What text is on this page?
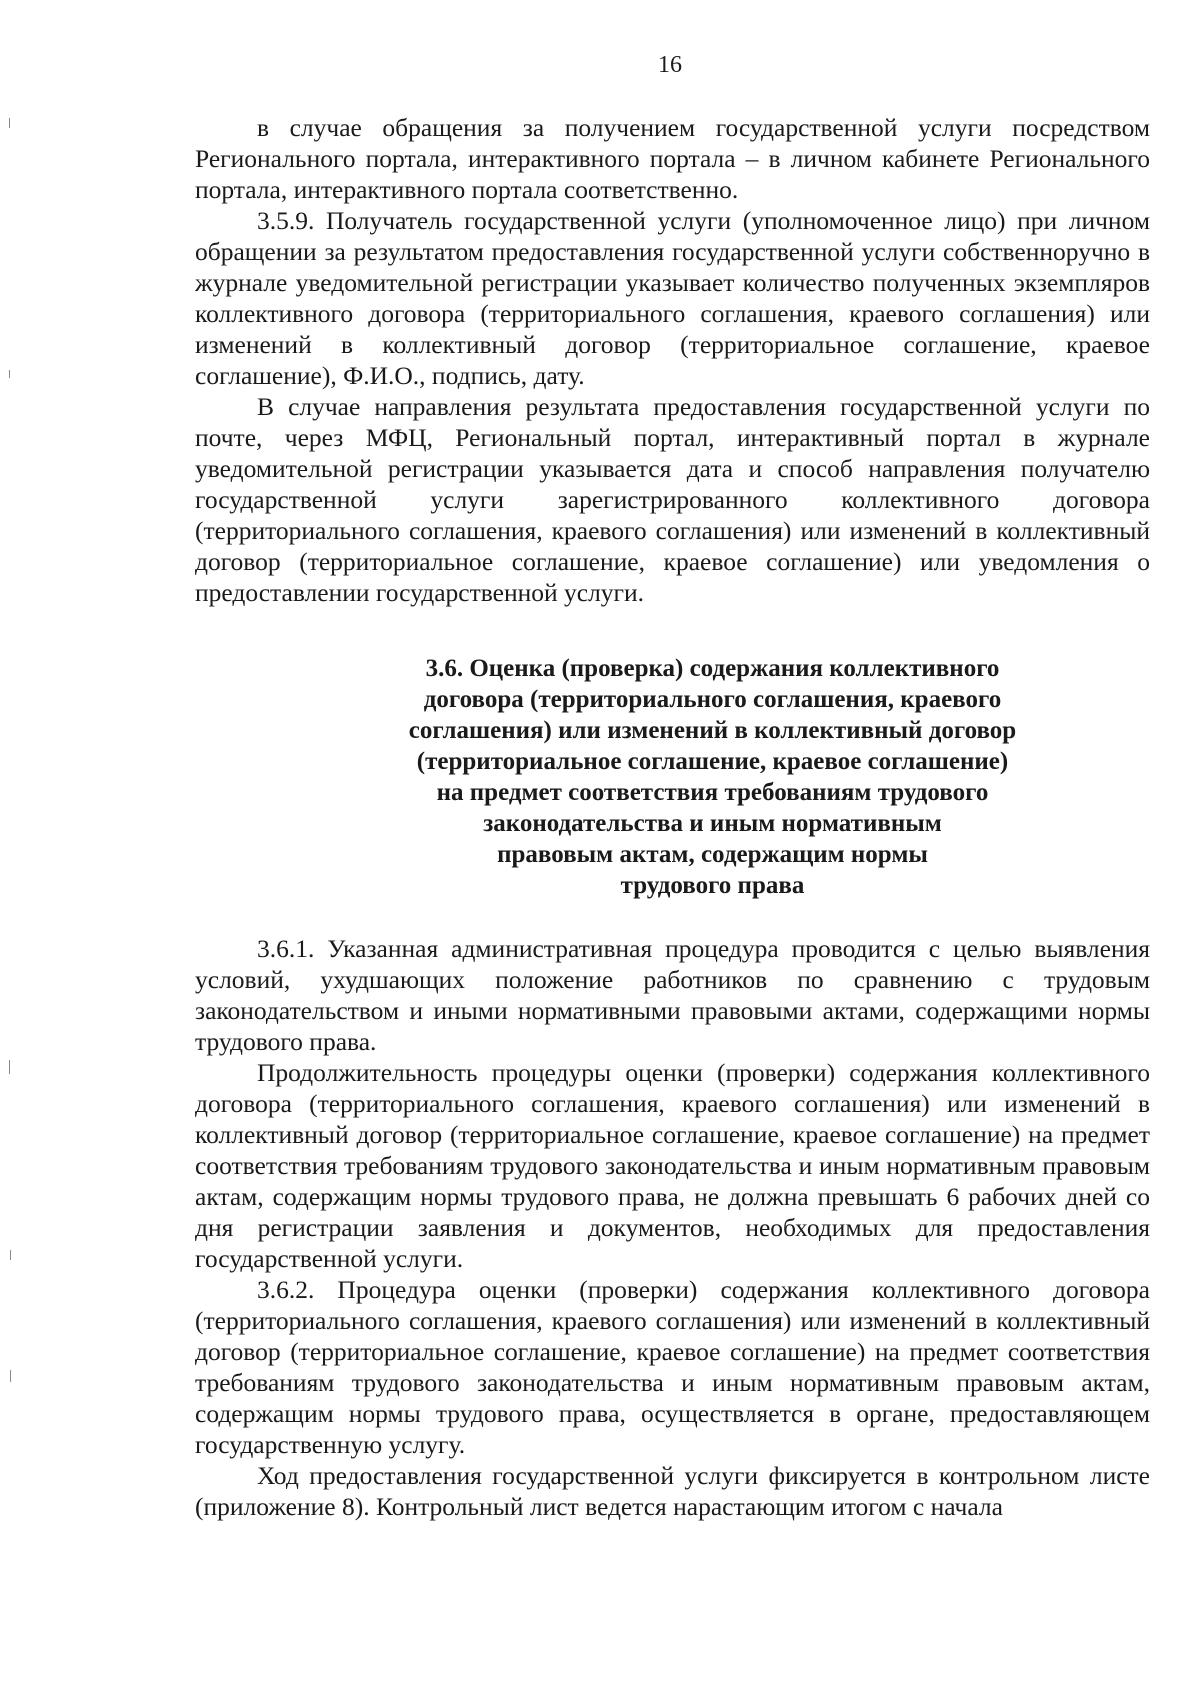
16

в случае обращения за получением государственной услуги посредством Регионального портала, интерактивного портала – в личном кабинете Регионального портала, интерактивного портала соответственно.

3.5.9. Получатель государственной услуги (уполномоченное лицо) при личном обращении за результатом предоставления государственной услуги собственноручно в журнале уведомительной регистрации указывает количество полученных экземпляров коллективного договора (территориального соглашения, краевого соглашения) или изменений в коллективный договор (территориальное соглашение, краевое соглашение), Ф.И.О., подпись, дату.

В случае направления результата предоставления государственной услуги по почте, через МФЦ, Региональный портал, интерактивный портал в журнале уведомительной регистрации указывается дата и способ направления получателю государственной услуги зарегистрированного коллективного договора (территориального соглашения, краевого соглашения) или изменений в коллективный договор (территориальное соглашение, краевое соглашение) или уведомления о предоставлении государственной услуги.

3.6. Оценка (проверка) содержания коллективного
договора (территориального соглашения, краевого
соглашения) или изменений в коллективный договор
(территориальное соглашение, краевое соглашение)
на предмет соответствия требованиям трудового
законодательства и иным нормативным
правовым актам, содержащим нормы
трудового права

3.6.1. Указанная административная процедура проводится с целью выявления условий, ухудшающих положение работников по сравнению с трудовым законодательством и иными нормативными правовыми актами, содержащими нормы трудового права.

Продолжительность процедуры оценки (проверки) содержания коллективного договора (территориального соглашения, краевого соглашения) или изменений в коллективный договор (территориальное соглашение, краевое соглашение) на предмет соответствия требованиям трудового законодательства и иным нормативным правовым актам, содержащим нормы трудового права, не должна превышать 6 рабочих дней со дня регистрации заявления и документов, необходимых для предоставления государственной услуги.

3.6.2. Процедура оценки (проверки) содержания коллективного договора (территориального соглашения, краевого соглашения) или изменений в коллективный договор (территориальное соглашение, краевое соглашение) на предмет соответствия требованиям трудового законодательства и иным нормативным правовым актам, содержащим нормы трудового права, осуществляется в органе, предоставляющем государственную услугу.

Ход предоставления государственной услуги фиксируется в контрольном листе (приложение 8). Контрольный лист ведется нарастающим итогом с начала
